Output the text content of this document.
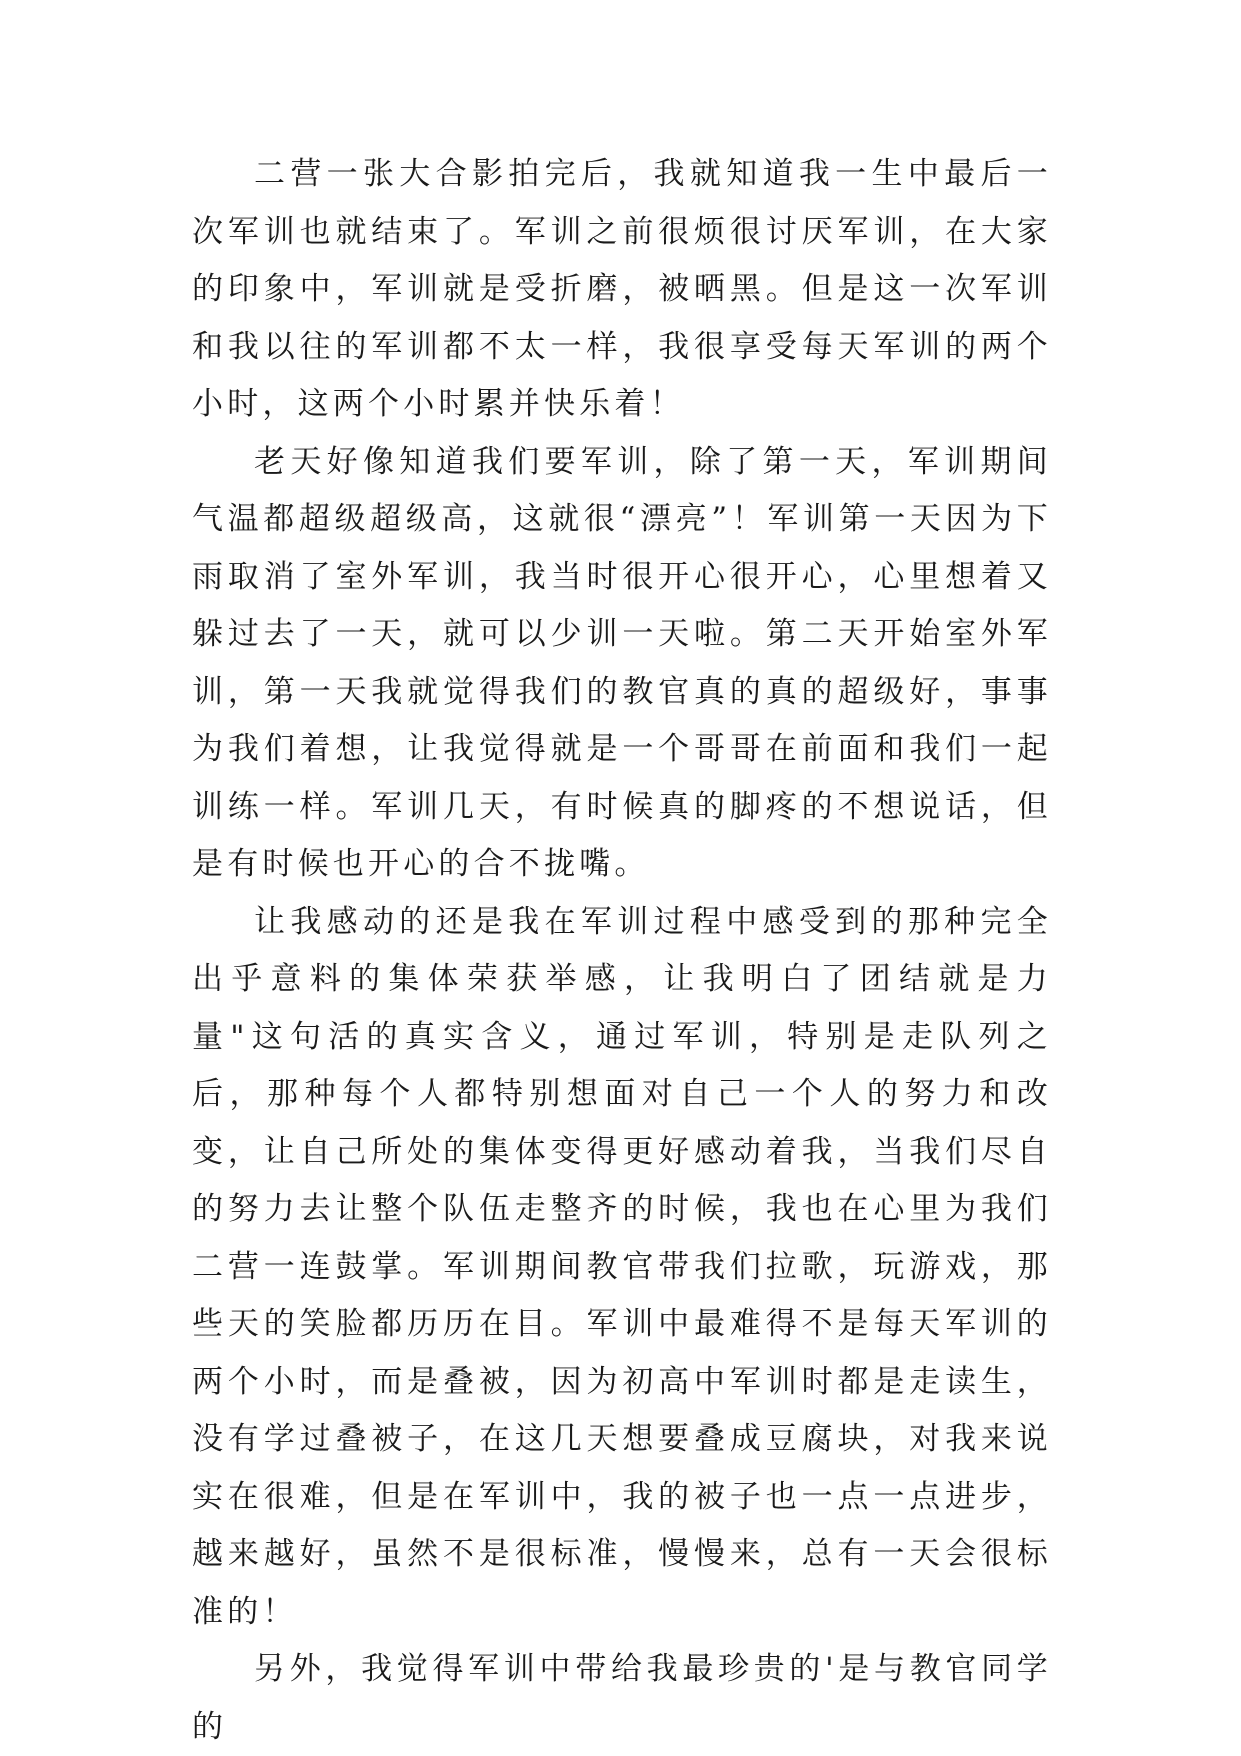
二营一张大合影拍完后，我就知道我一生中最后一次军训也就结束了。军训之前很烦很讨厌军训，在大家的印象中，军训就是受折磨，被晒黑。但是这一次军训和我以往的军训都不太一样，我很享受每天军训的两个小时，这两个小时累并快乐着！

老天好像知道我们要军训，除了第一天，军训期间气温都超级超级高，这就很“漂亮”！军训第一天因为下雨取消了室外军训，我当时很开心很开心，心里想着又躲过去了一天，就可以少训一天啦。第二天开始室外军训，第一天我就觉得我们的教官真的真的超级好，事事为我们着想，让我觉得就是一个哥哥在前面和我们一起训练一样。军训几天，有时候真的脚疼的不想说话，但是有时候也开心的合不拢嘴。

让我感动的还是我在军训过程中感受到的那种完全出乎意料的集体荣获举感，让我明白了团结就是力量"这句活的真实含义，通过军训，特别是走队列之后，那种每个人都特别想面对自己一个人的努力和改变，让自己所处的集体变得更好感动着我，当我们尽自的努力去让整个队伍走整齐的时候，我也在心里为我们二营一连鼓掌。军训期间教官带我们拉歌，玩游戏，那些天的笑脸都历历在目。军训中最难得不是每天军训的两个小时，而是叠被，因为初高中军训时都是走读生，没有学过叠被子，在这几天想要叠成豆腐块，对我来说实在很难，但是在军训中，我的被子也一点一点进步，越来越好，虽然不是很标准，慢慢来，总有一天会很标准的！

另外，我觉得军训中带给我最珍贵的'是与教官同学的
